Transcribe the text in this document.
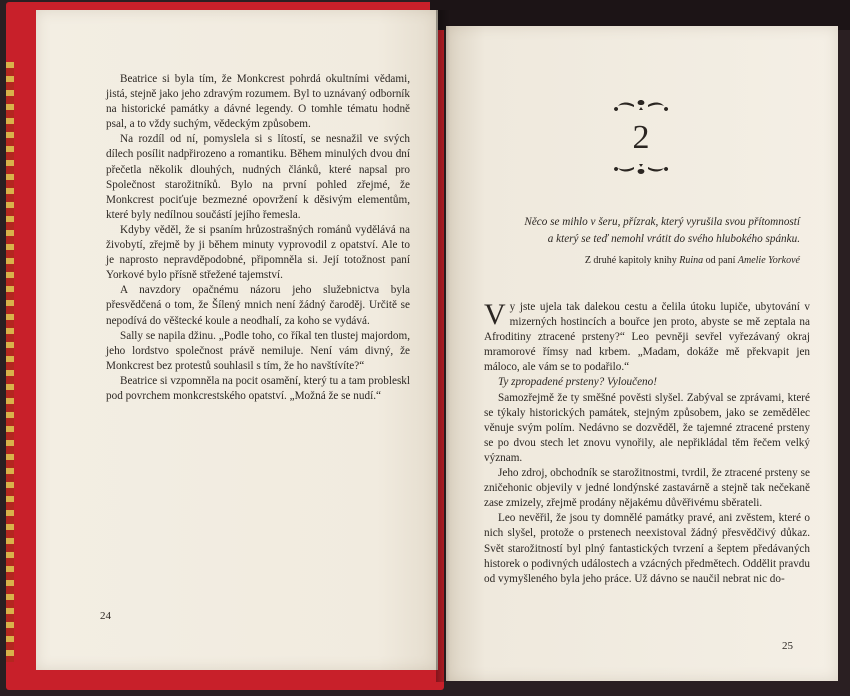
Beatrice si byla tím, že Monkcrest pohrdá okultními vědami, jistá, stejně jako jeho zdravým rozumem. Byl to uznávaný odborník na historické památky a dávné legendy. O tomhle tématu hodně psal, a to vždy suchým, vědeckým způsobem.

Na rozdíl od ní, pomyslela si s lítostí, se nesnažil ve svých dílech posílit nadpřirozeno a romantiku. Během minulých dvou dní přečetla několik dlouhých, nudných článků, které napsal pro Společnost starožitníků. Bylo na první pohled zřejmé, že Monkcrest pociťuje bezmezné opovržení k děsivým elementům, které byly nedílnou součástí jejího řemesla.

Kdyby věděl, že si psaním hrůzostrašných románů vydělává na živobytí, zřejmě by ji během minuty vyprovodil z opatství. Ale to je naprosto nepravděpodobné, připomněla si. Její totožnost paní Yorkové bylo přísně střežené tajemství.

A navzdory opačnému názoru jeho služebnictva byla přesvědčená o tom, že Šílený mnich není žádný čaroděj. Určitě se nepodívá do věštecké koule a neodhalí, za koho se vydává.

Sally se napila džinu. „Podle toho, co říkal ten tlustej majordom, jeho lordstvo společnost právě nemiluje. Není vám divný, že Monkcrest bez protestů souhlasil s tím, že ho navštívíte?“

Beatrice si vzpomněla na pocit osamění, který tu a tam probleskl pod povrchem monkcrestského opatství. „Možná že se nudí.“

24
2
Něco se mihlo v šeru, přízrak, který vyrušila svou přítomností
a který se teď nemohl vrátit do svého hlubokého spánku.
Z druhé kapitoly knihy Ruina od paní Amelie Yorkové

Vy jste ujela tak dalekou cestu a čelila útoku lupiče, ubytování v mizerných hostincích a bouřce jen proto, abyste se mě zeptala na Afroditiny ztracené prsteny?“ Leo pevněji sevřel vyřezávaný okraj mramorové římsy nad krbem. „Madam, dokáže mě překvapit jen máloco, ale vám se to podařilo.“

Ty zpropadené prsteny? Vyloučeno!

Samozřejmě že ty směšné pověsti slyšel. Zabýval se zprávami, které se týkaly historických památek, stejným způsobem, jako se zemědělec věnuje svým polím. Nedávno se dozvěděl, že tajemné ztracené prsteny se po dvou stech let znovu vynořily, ale nepřikládal těm řečem velký význam.

Jeho zdroj, obchodník se starožitnostmi, tvrdil, že ztracené prsteny se zničehonic objevily v jedné londýnské zastavárně a stejně tak nečekaně zase zmizely, zřejmě prodány nějakému důvěřivému sběrateli.

Leo nevěřil, že jsou ty domnělé památky pravé, ani zvěstem, které o nich slyšel, protože o prstenech neexistoval žádný přesvědčivý důkaz. Svět starožitností byl plný fantastických tvrzení a šeptem předávaných historek o podivných událostech a vzácných předmětech. Oddělit pravdu od vymyšleného byla jeho práce. Už dávno se naučil nebrat nic do-

25
